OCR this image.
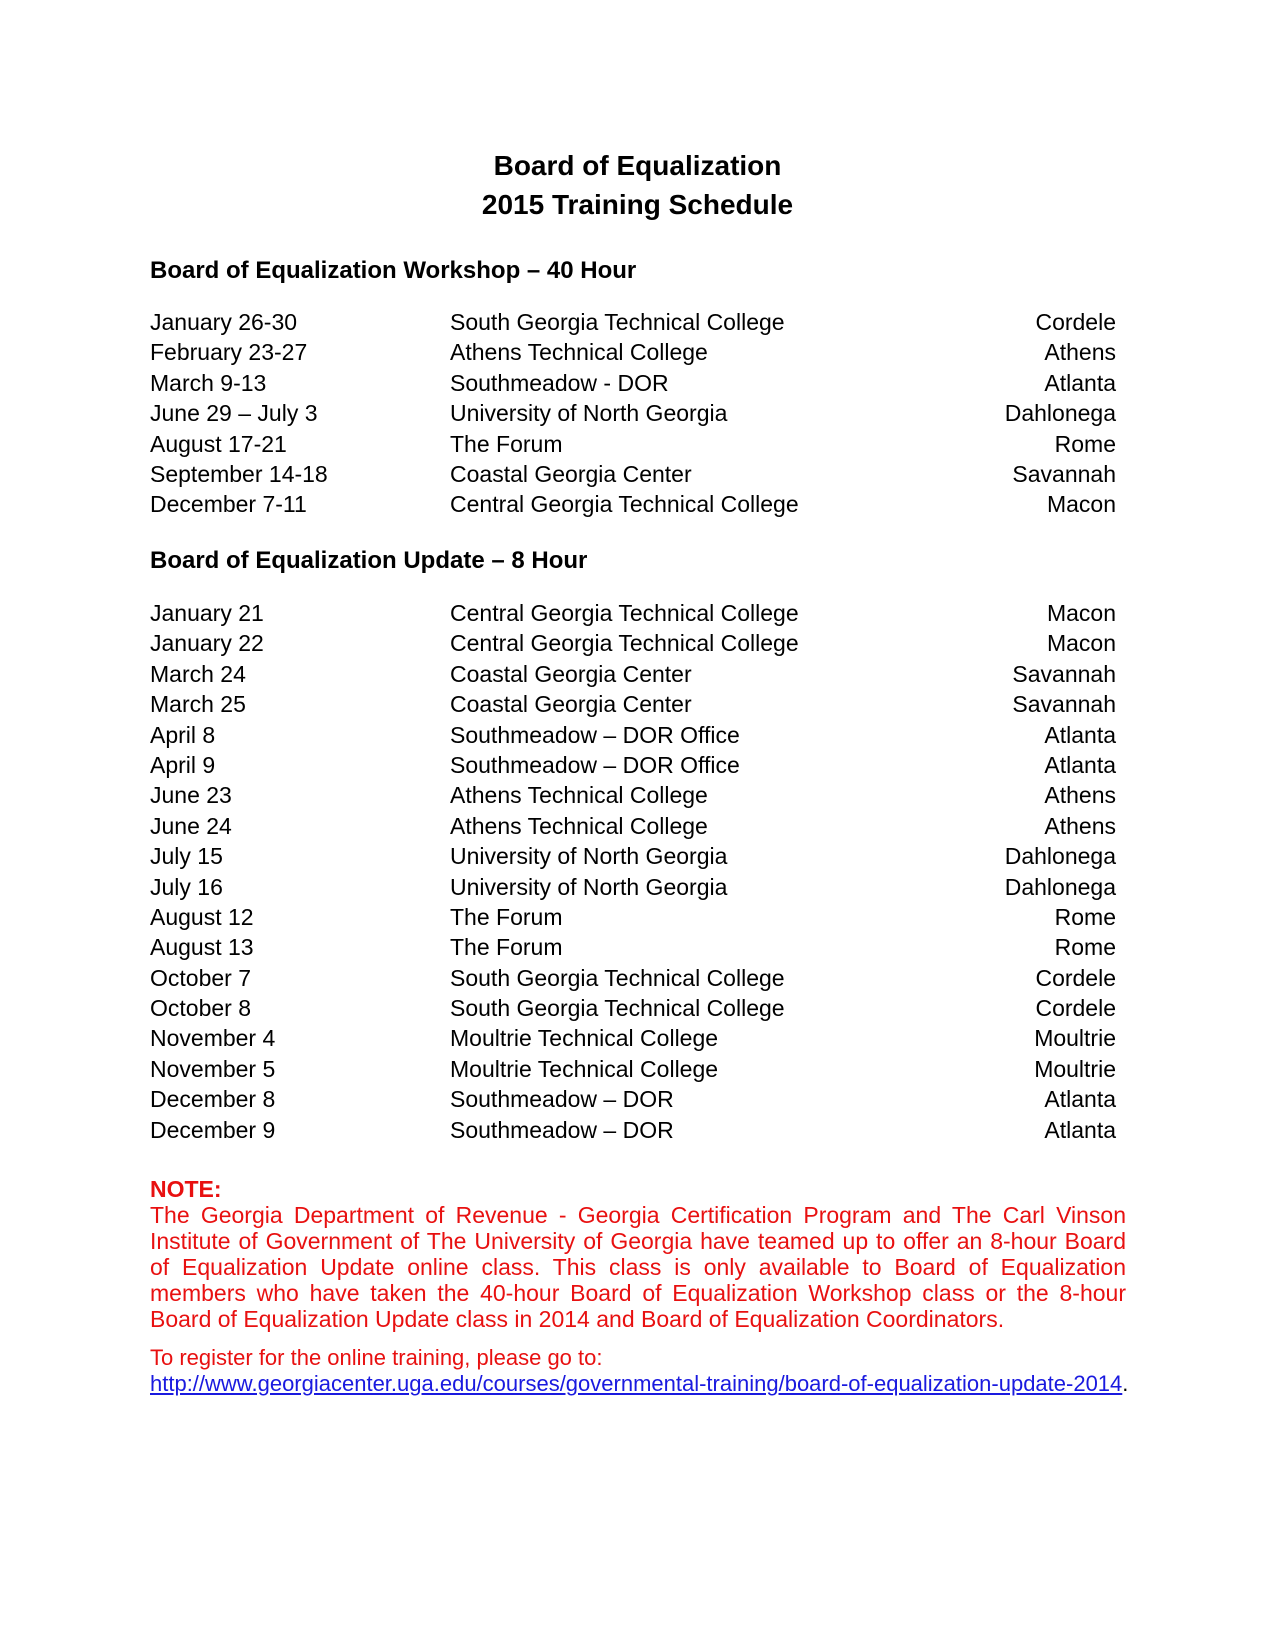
Board of Equalization
2015 Training Schedule
Board of Equalization Workshop – 40 Hour
January 26-30	South Georgia Technical College	Cordele
February 23-27	Athens Technical College	Athens
March 9-13	Southmeadow - DOR	Atlanta
June 29 – July 3	University of North Georgia	Dahlonega
August 17-21	The Forum	Rome
September 14-18	Coastal Georgia Center	Savannah
December 7-11	Central Georgia Technical College	Macon
Board of Equalization Update – 8 Hour
January 21	Central Georgia Technical College	Macon
January 22	Central Georgia Technical College	Macon
March 24	Coastal Georgia Center	Savannah
March 25	Coastal Georgia Center	Savannah
April 8	Southmeadow – DOR Office	Atlanta
April 9	Southmeadow – DOR Office	Atlanta
June 23	Athens Technical College	Athens
June 24	Athens Technical College	Athens
July 15	University of North Georgia	Dahlonega
July 16	University of North Georgia	Dahlonega
August 12	The Forum	Rome
August 13	The Forum	Rome
October 7	South Georgia Technical College	Cordele
October 8	South Georgia Technical College	Cordele
November 4	Moultrie Technical College	Moultrie
November 5	Moultrie Technical College	Moultrie
December 8	Southmeadow – DOR	Atlanta
December 9	Southmeadow – DOR	Atlanta
NOTE:
The Georgia Department of Revenue - Georgia Certification Program and The Carl Vinson Institute of Government of The University of Georgia have teamed up to offer an 8-hour Board of Equalization Update online class. This class is only available to Board of Equalization members who have taken the 40-hour Board of Equalization Workshop class or the 8-hour Board of Equalization Update class in 2014 and Board of Equalization Coordinators.
To register for the online training, please go to:
http://www.georgiacenter.uga.edu/courses/governmental-training/board-of-equalization-update-2014.
